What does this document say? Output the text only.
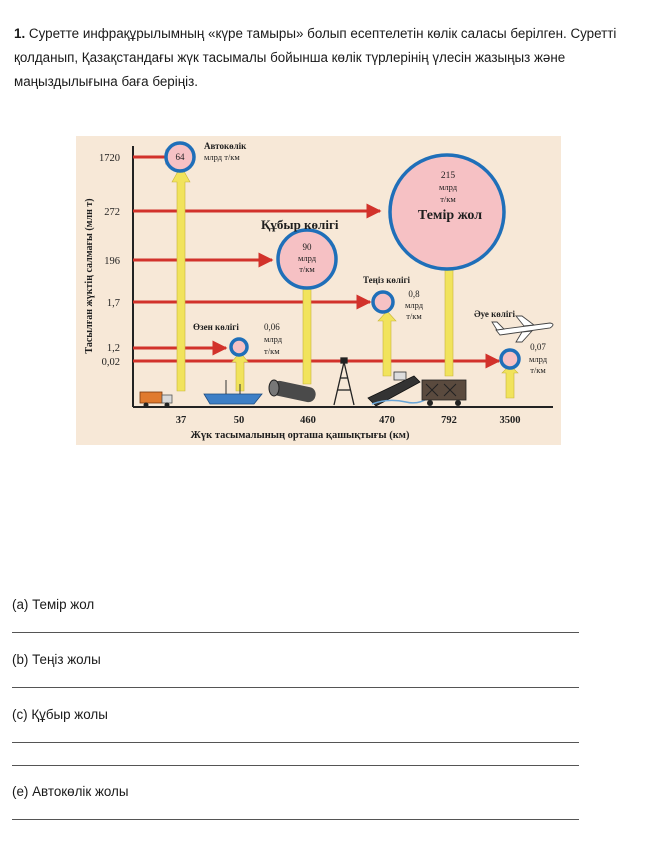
1. Суретте инфрақұрылымның «күре тамыры» болып есептелетін көлік саласы берілген. Суретті қолданып, Қазақстандағы жүк тасымалы бойынша көлік түрлерінің үлесін жазыңыз және маңыздылығына баға беріңіз.
Тасылған жүктің салмағы (млн т)
1720
272
196
1,7
1,2
0,02
64
Автокөлік
млрд т/км
Құбыр көлігі
90
млрд
т/км
215
млрд
т/км
Теміp жол
Теңіз көлігі
0,8
млрд
т/км
Өзен көлігі	0,06
млрд
т/км
Әуе көлігі
0,07
млрд
т/км
37	50	460	470	792	3500
Жүк тасымалының орташа қашықтығы (км)
(a) Теміp жол
(b) Теңіз жолы
(c) Құбыр жолы
(e) Автокөлік жолы
